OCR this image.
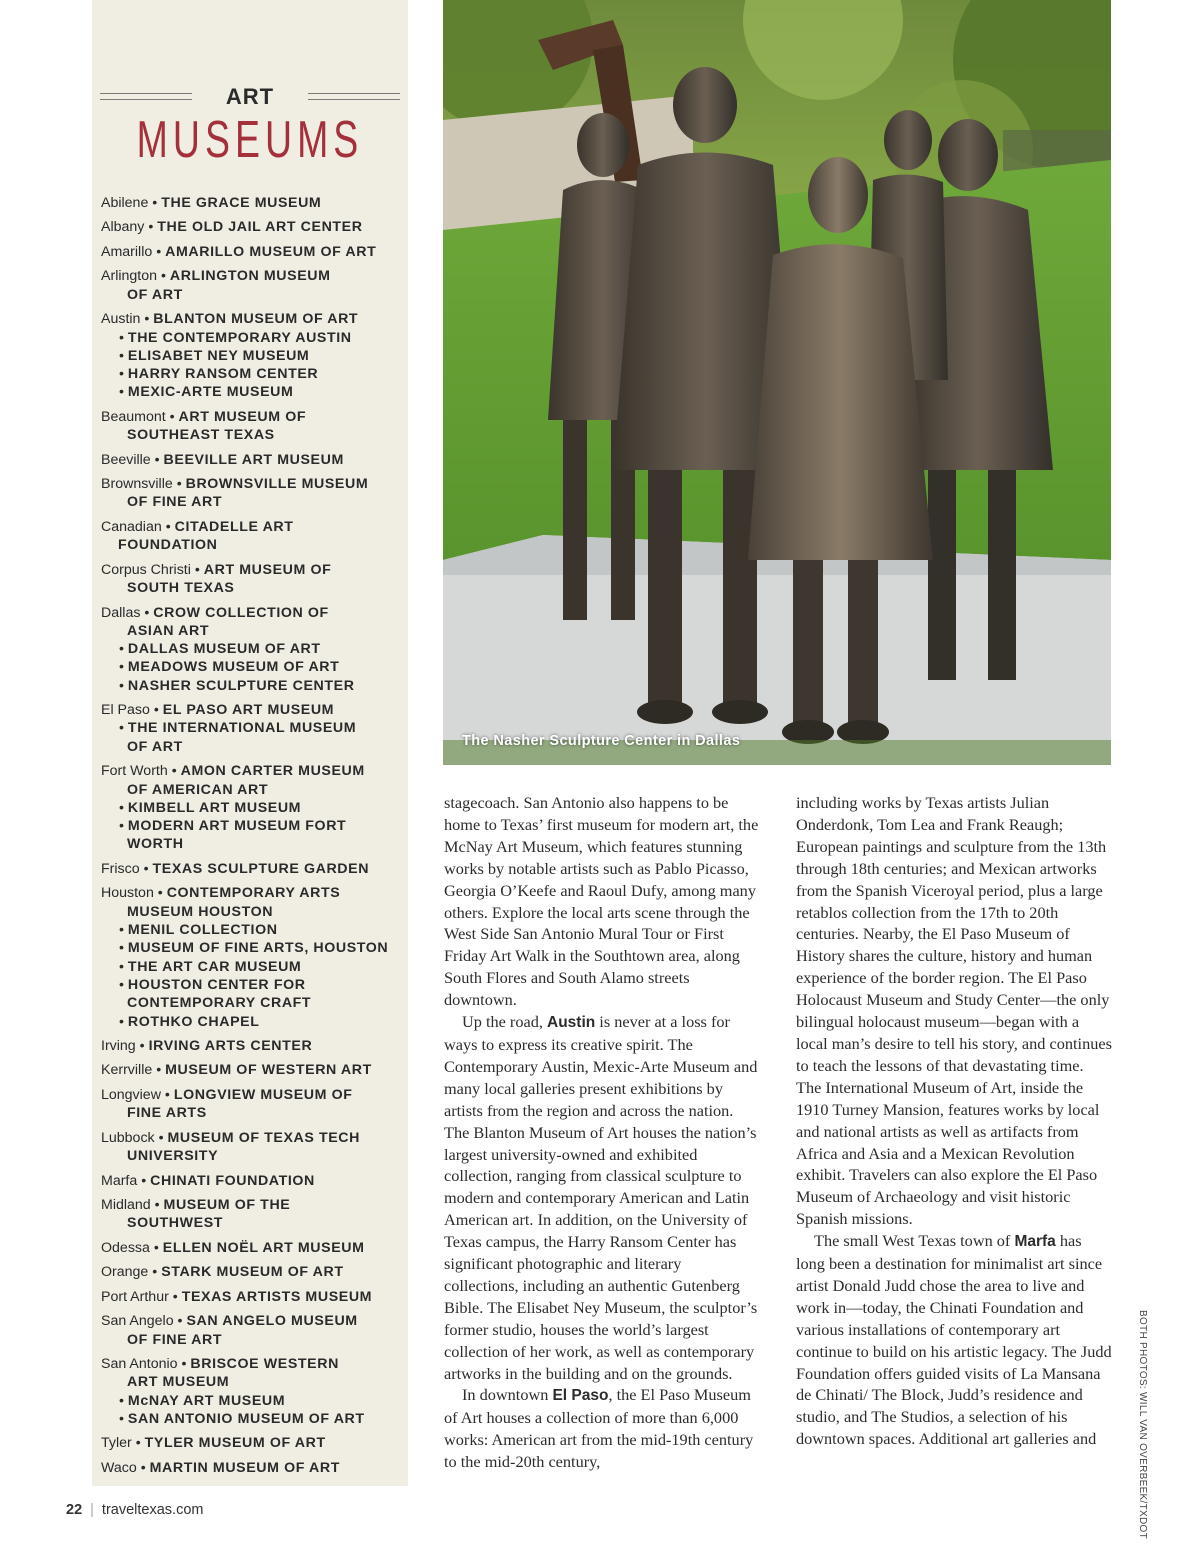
ART
MUSEUMS
Abilene • THE GRACE MUSEUM
Albany • THE OLD JAIL ART CENTER
Amarillo • AMARILLO MUSEUM OF ART
Arlington • ARLINGTON MUSEUM
OF ART
Austin • BLANTON MUSEUM OF ART
• THE CONTEMPORARY AUSTIN
• ELISABET NEY MUSEUM
• HARRY RANSOM CENTER
• MEXIC-ARTE MUSEUM
Beaumont • ART MUSEUM OF
SOUTHEAST TEXAS
Beeville • BEEVILLE ART MUSEUM
Brownsville • BROWNSVILLE MUSEUM
OF FINE ART
Canadian • CITADELLE ART
FOUNDATION
Corpus Christi • ART MUSEUM OF
SOUTH TEXAS
Dallas • CROW COLLECTION OF
ASIAN ART
• DALLAS MUSEUM OF ART
• MEADOWS MUSEUM OF ART
• NASHER SCULPTURE CENTER
El Paso • EL PASO ART MUSEUM
• THE INTERNATIONAL MUSEUM
OF ART
Fort Worth • AMON CARTER MUSEUM
OF AMERICAN ART
• KIMBELL ART MUSEUM
• MODERN ART MUSEUM FORT
WORTH
Frisco • TEXAS SCULPTURE GARDEN
Houston • CONTEMPORARY ARTS
MUSEUM HOUSTON
• MENIL COLLECTION
• MUSEUM OF FINE ARTS, HOUSTON
• THE ART CAR MUSEUM
• HOUSTON CENTER FOR
CONTEMPORARY CRAFT
• ROTHKO CHAPEL
Irving • IRVING ARTS CENTER
Kerrville • MUSEUM OF WESTERN ART
Longview • LONGVIEW MUSEUM OF
FINE ARTS
Lubbock • MUSEUM OF TEXAS TECH
UNIVERSITY
Marfa • CHINATI FOUNDATION
Midland • MUSEUM OF THE
SOUTHWEST
Odessa • ELLEN NOËL ART MUSEUM
Orange • STARK MUSEUM OF ART
Port Arthur • TEXAS ARTISTS MUSEUM
San Angelo • SAN ANGELO MUSEUM
OF FINE ART
San Antonio • BRISCOE WESTERN
ART MUSEUM
• McNAY ART MUSEUM
• SAN ANTONIO MUSEUM OF ART
Tyler • TYLER MUSEUM OF ART
Waco • MARTIN MUSEUM OF ART
The Nasher Sculpture Center in Dallas

stagecoach. San Antonio also happens to be home to Texas’ first museum for modern art, the McNay Art Museum, which features stunning works by notable artists such as Pablo Picasso, Georgia O’Keefe and Raoul Dufy, among many others. Explore the local arts scene through the West Side San Antonio Mural Tour or First Friday Art Walk in the Southtown area, along South Flores and South Alamo streets downtown.

Up the road, Austin is never at a loss for ways to express its creative spirit. The Contemporary Austin, Mexic-Arte Museum and many local galleries present exhibitions by artists from the region and across the nation. The Blanton Museum of Art houses the nation’s largest university-owned and exhibited collection, ranging from classical sculpture to modern and contemporary American and Latin American art. In addition, on the University of Texas campus, the Harry Ransom Center has significant photographic and literary collections, including an authentic Gutenberg Bible. The Elisabet Ney Museum, the sculptor’s former studio, houses the world’s largest collection of her work, as well as contemporary artworks in the building and on the grounds.

In downtown El Paso, the El Paso Museum of Art houses a collection of more than 6,000 works: American art from the mid-19th century to the mid-20th century,

including works by Texas artists Julian Onderdonk, Tom Lea and Frank Reaugh; European paintings and sculpture from the 13th through 18th centuries; and Mexican artworks from the Spanish Viceroyal period, plus a large retablos collection from the 17th to 20th centuries. Nearby, the El Paso Museum of History shares the culture, history and human experience of the border region. The El Paso Holocaust Museum and Study Center—the only bilingual holocaust museum—began with a local man’s desire to tell his story, and continues to teach the lessons of that devastating time. The International Museum of Art, inside the 1910 Turney Mansion, features works by local and national artists as well as artifacts from Africa and Asia and a Mexican Revolution exhibit. Travelers can also explore the El Paso Museum of Archaeology and visit historic Spanish missions.

The small West Texas town of Marfa has long been a destination for minimalist art since artist Donald Judd chose the area to live and work in—today, the Chinati Foundation and various installations of contemporary art continue to build on his artistic legacy. The Judd Foundation offers guided visits of La Mansana de Chinati/ The Block, Judd’s residence and studio, and The Studios, a selection of his downtown spaces. Additional art galleries and	BOTH PHOTOS: WILL VAN OVERBEEK/TXDOT
22 | traveltexas.com
